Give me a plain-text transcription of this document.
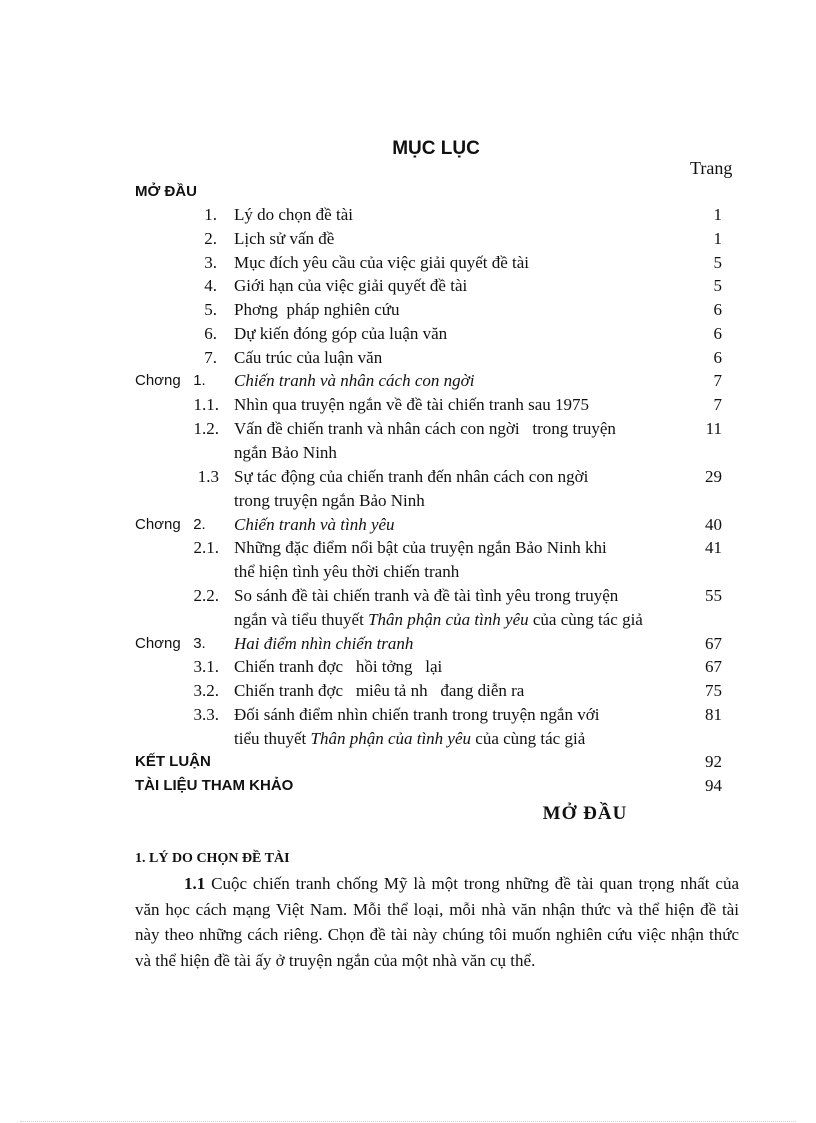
MỤC LỤC
Trang
MỞ ĐẦU
1. Lý do chọn đề tài	1
2. Lịch sử vấn đề	1
3. Mục đích yêu cầu của việc giải quyết đề tài	5
4. Giới hạn của việc giải quyết đề tài	5
5. Phơng  pháp nghiên cứu	6
6. Dự kiến đóng góp của luận văn	6
7. Cấu trúc của luận văn	6
Chơng   1.	Chiến tranh và nhân cách con ngời	7
1.1. Nhìn qua truyện ngắn về đề tài chiến tranh sau 1975	7
1.2. Vấn đề chiến tranh và nhân cách con ngời   trong truyện	11
ngắn Bảo Ninh
1.3 Sự tác động của chiến tranh đến nhân cách con ngời	29
trong truyện ngắn Bảo Ninh
Chơng   2.	Chiến tranh và tình yêu	40
2.1. Những đặc điểm nổi bật của truyện ngắn Bảo Ninh khi	41
thể hiện tình yêu thời chiến tranh
2.2. So sánh đề tài chiến tranh và đề tài tình yêu trong truyện	55
ngắn và tiểu thuyết Thân phận của tình yêu của cùng tác giả
Chơng   3.	Hai điểm nhìn chiến tranh	67
3.1. Chiến tranh đợc   hồi tởng   lại	67
3.2. Chiến tranh đợc   miêu tả nh   đang diễn ra	75
3.3. Đối sánh điểm nhìn chiến tranh trong truyện ngắn với	81
tiểu thuyết Thân phận của tình yêu của cùng tác giả
KẾT LUẬN	92
TÀI LIỆU THAM KHẢO	94
MỞ ĐẦU
1. LÝ DO CHỌN ĐỀ TÀI
1.1 Cuộc chiến tranh chống Mỹ là một trong những đề tài quan trọng nhất của văn học cách mạng Việt Nam. Mỗi thể loại, mỗi nhà văn nhận thức và thể hiện đề tài này theo những cách riêng. Chọn đề tài này chúng tôi muốn nghiên cứu việc nhận thức và thể hiện đề tài ấy ở truyện ngắn của một nhà văn cụ thể.
